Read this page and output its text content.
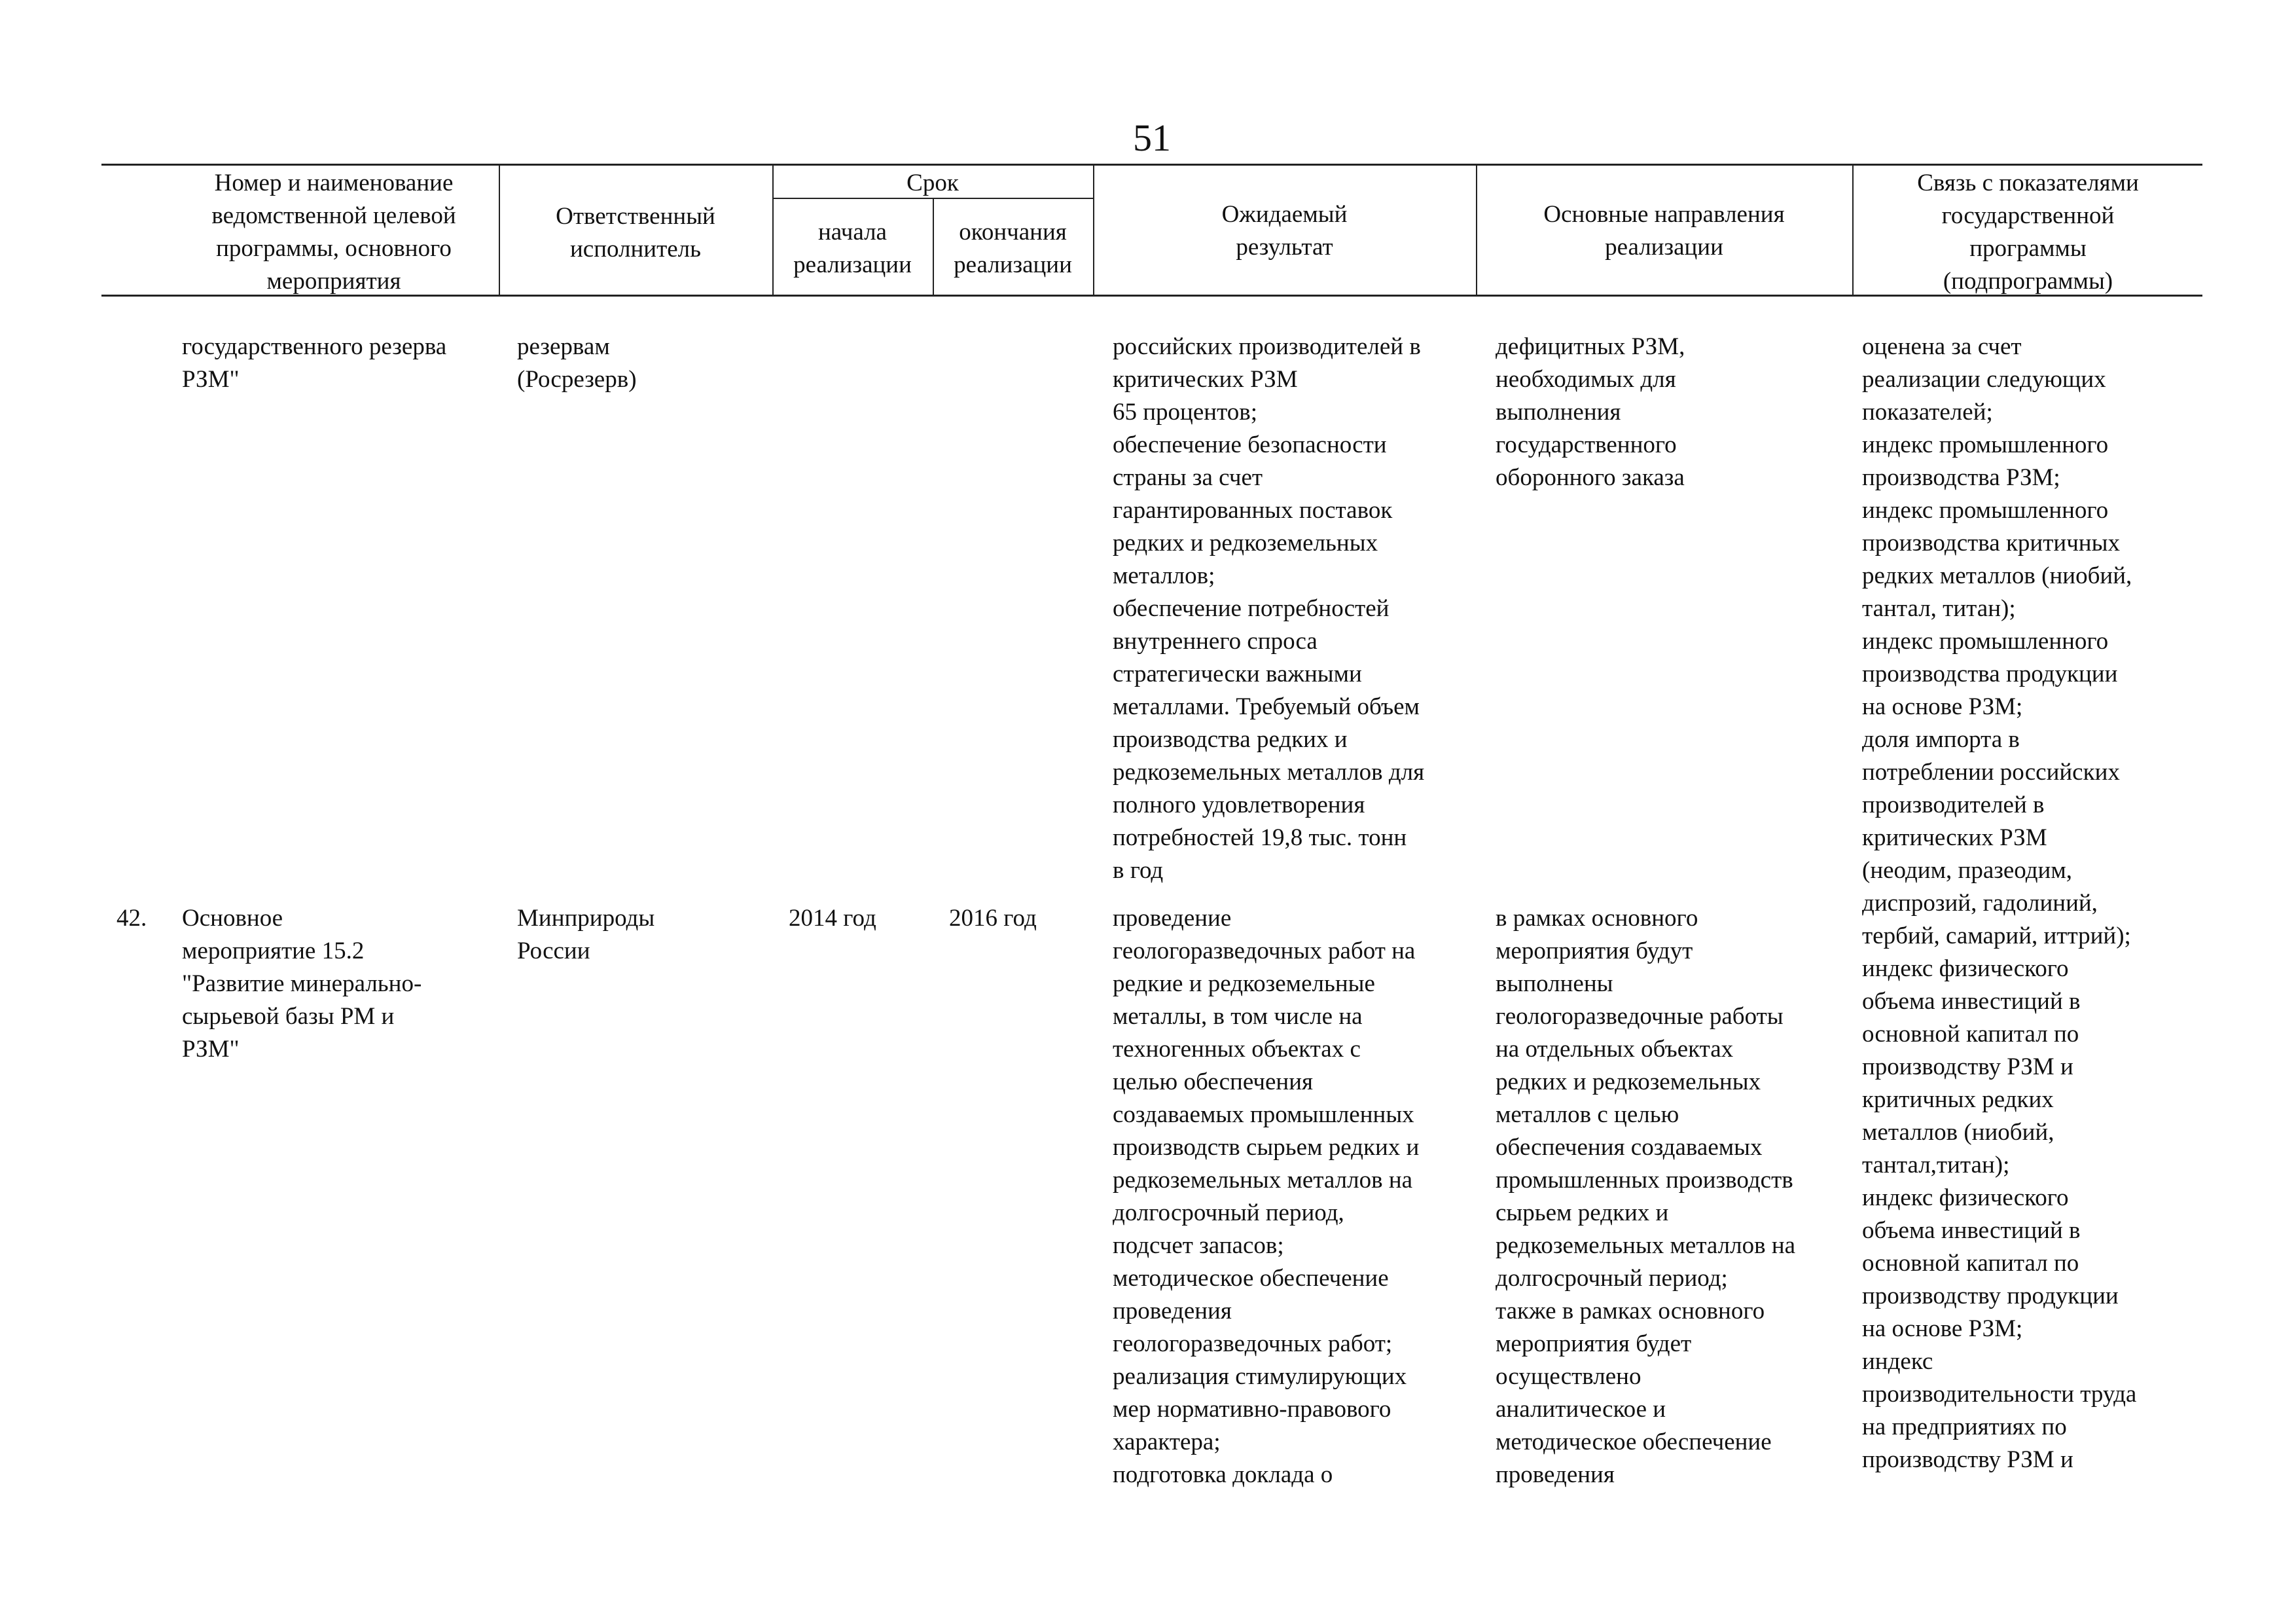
51
Номер и наименование
ведомственной целевой
программы, основного
мероприятия
Ответственный
исполнитель
Срок
начала
реализации
окончания
реализации
Ожидаемый
результат
Основные направления
реализации
Связь с показателями
государственной
программы
(подпрограммы)
государственного резерва
РЗМ"
резервам
(Росрезерв)
российских производителей в
критических РЗМ
65 процентов;
обеспечение безопасности
страны за счет
гарантированных поставок
редких и редкоземельных
металлов;
обеспечение потребностей
внутреннего спроса
стратегически важными
металлами. Требуемый объем
производства редких и
редкоземельных металлов для
полного удовлетворения
потребностей 19,8 тыс. тонн
в год
дефицитных РЗМ,
необходимых для
выполнения
государственного
оборонного заказа
оценена за счет
реализации следующих
показателей;
индекс промышленного
производства РЗМ;
индекс промышленного
производства критичных
редких металлов (ниобий,
тантал, титан);
индекс промышленного
производства продукции
на основе РЗМ;
доля импорта в
потреблении российских
производителей в
критических РЗМ
(неодим, празеодим,
диспрозий, гадолиний,
тербий, самарий, иттрий);
индекс физического
объема инвестиций в
основной капитал по
производству РЗМ и
критичных редких
металлов (ниобий,
тантал,титан);
индекс физического
объема инвестиций в
основной капитал по
производству продукции
на основе РЗМ;
индекс
производительности труда
на предприятиях по
производству РЗМ и
42. Основное
мероприятие 15.2
"Развитие минерально-
сырьевой базы РМ и
РЗМ"
Минприроды
России
2014 год	2016 год	проведение
геологоразведочных работ на
редкие и редкоземельные
металлы, в том числе на
техногенных объектах с
целью обеспечения
создаваемых промышленных
производств сырьем редких и
редкоземельных металлов на
долгосрочный период,
подсчет запасов;
методическое обеспечение
проведения
геологоразведочных работ;
реализация стимулирующих
мер нормативно-правового
характера;
подготовка доклада о
в рамках основного
мероприятия будут
выполнены
геологоразведочные работы
на отдельных объектах
редких и редкоземельных
металлов с целью
обеспечения создаваемых
промышленных производств
сырьем редких и
редкоземельных металлов на
долгосрочный период;
также в рамках основного
мероприятия будет
осуществлено
аналитическое и
методическое обеспечение
проведения
